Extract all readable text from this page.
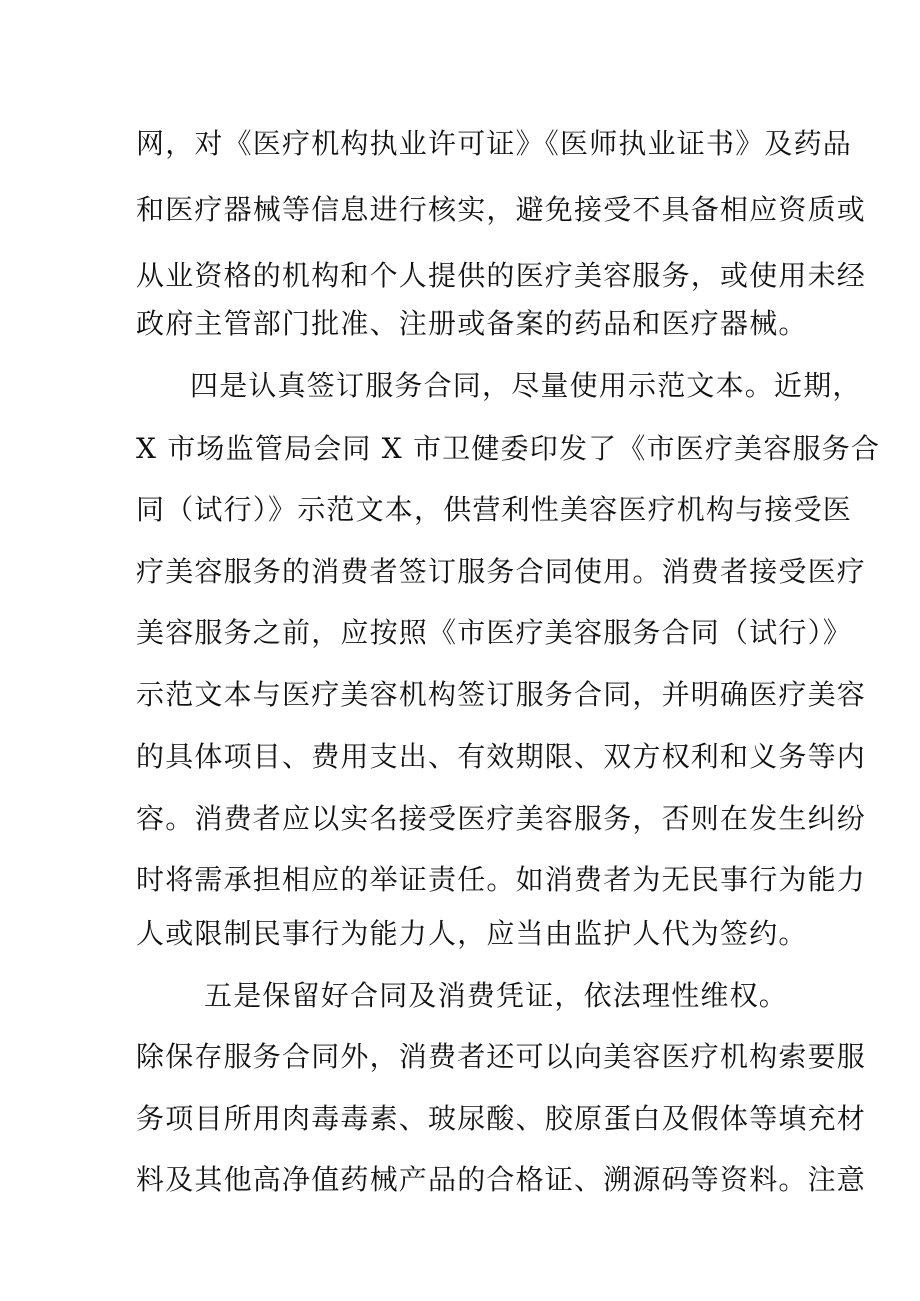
网，对《医疗机构执业许可证》《医师执业证书》及药品
和医疗器械等信息进行核实，避免接受不具备相应资质或
从业资格的机构和个人提供的医疗美容服务，或使用未经
政府主管部门批准、注册或备案的药品和医疗器械。
四是认真签订服务合同，尽量使用示范文本。近期，
X 市场监管局会同 X 市卫健委印发了《市医疗美容服务合
同（试行）》示范文本，供营利性美容医疗机构与接受医
疗美容服务的消费者签订服务合同使用。消费者接受医疗
美容服务之前，应按照《市医疗美容服务合同（试行）》
示范文本与医疗美容机构签订服务合同，并明确医疗美容
的具体项目、费用支出、有效期限、双方权利和义务等内
容。消费者应以实名接受医疗美容服务，否则在发生纠纷
时将需承担相应的举证责任。如消费者为无民事行为能力
人或限制民事行为能力人，应当由监护人代为签约。
五是保留好合同及消费凭证，依法理性维权。
除保存服务合同外，消费者还可以向美容医疗机构索要服
务项目所用肉毒毒素、玻尿酸、胶原蛋白及假体等填充材
料及其他高净值药械产品的合格证、溯源码等资料。注意
